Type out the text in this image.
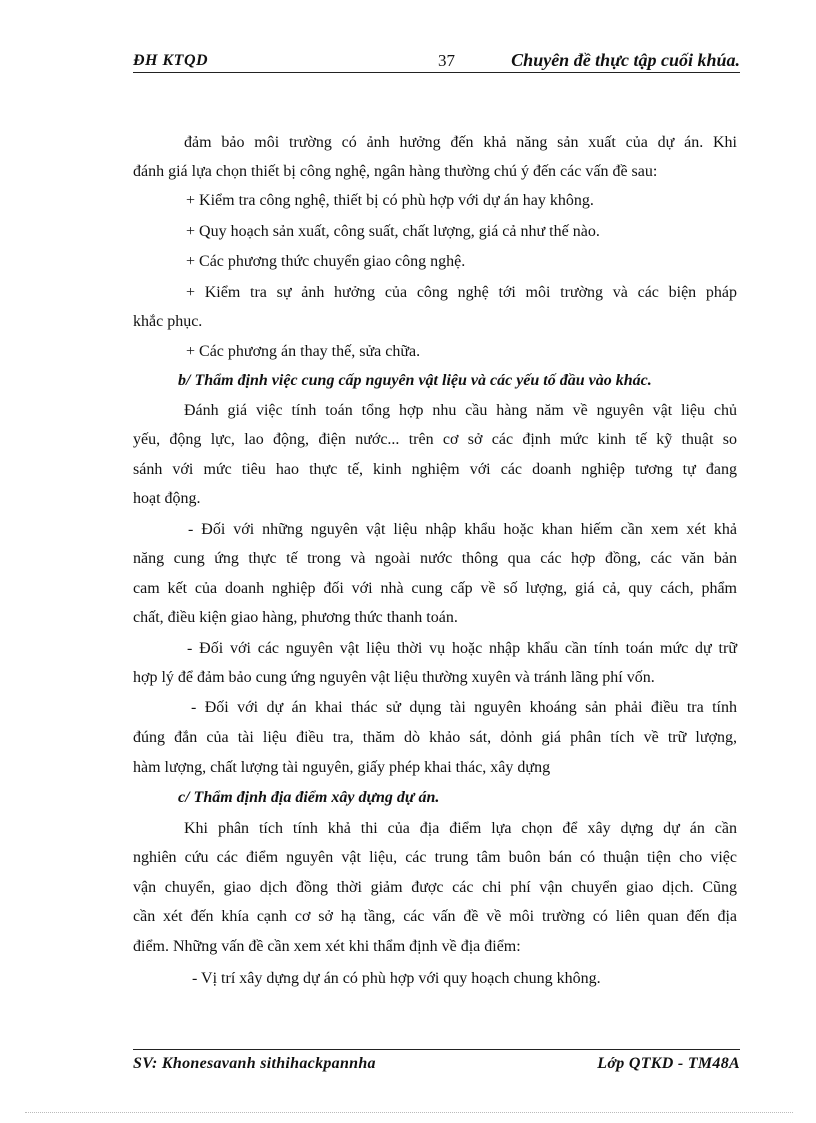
ĐH KTQD	37	Chuyên đề thực tập cuối khúa.
đảm bảo môi trường có ảnh hưởng đến khả năng sản xuất của dự án. Khi
đánh giá lựa chọn thiết bị công nghệ, ngân hàng thường chú ý đến các vấn đề sau:
+ Kiểm tra công nghệ, thiết bị có phù hợp với dự án hay không.
+ Quy hoạch sản xuất, công suất, chất lượng, giá cả như thế nào.
+ Các phương thức chuyển giao công nghệ.
+ Kiểm tra sự ảnh hưởng của công nghệ tới môi trường và các biện pháp
khắc phục.
+ Các phương án thay thế, sửa chữa.
b/ Thẩm định việc cung cấp nguyên vật liệu và các yếu tố đầu vào khác.
Đánh giá việc tính toán tổng hợp nhu cầu hàng năm về nguyên vật liệu chủ
yếu, động lực, lao động, điện nước... trên cơ sở các định mức kinh tế kỹ thuật so
sánh với mức tiêu hao thực tế, kinh nghiệm với các doanh nghiệp tương tự đang
hoạt động.
- Đối với những nguyên vật liệu nhập khẩu hoặc khan hiếm cần xem xét khả
năng cung ứng thực tế trong và ngoài nước thông qua các hợp đồng, các văn bản
cam kết của doanh nghiệp đối với nhà cung cấp về số lượng, giá cả, quy cách, phẩm
chất, điều kiện giao hàng, phương thức thanh toán.
- Đối với các nguyên vật liệu thời vụ hoặc nhập khẩu cần tính toán mức dự trữ
hợp lý để đảm bảo cung ứng nguyên vật liệu thường xuyên và tránh lãng phí vốn.
- Đối với dự án khai thác sử dụng tài nguyên khoáng sản phải điều tra tính
đúng đắn của tài liệu điều tra, thăm dò khảo sát, dỏnh giá phân tích về trữ lượng,
hàm lượng, chất lượng tài nguyên, giấy phép khai thác, xây dựng
c/ Thẩm định địa điểm xây dựng dự án.
Khi phân tích tính khả thi của địa điểm lựa chọn để xây dựng dự án cần
nghiên cứu các điểm nguyên vật liệu, các trung tâm buôn bán có thuận tiện cho việc
vận chuyển, giao dịch đồng thời giảm được các chi phí vận chuyển giao dịch. Cũng
cần xét đến khía cạnh cơ sở hạ tầng, các vấn đề về môi trường có liên quan đến địa
điểm. Những vấn đề cần xem xét khi thẩm định về địa điểm:
- Vị trí xây dựng dự án có phù hợp với quy hoạch chung không.
SV: Khonesavanh sithihackpannha	Lớp QTKD - TM48A
